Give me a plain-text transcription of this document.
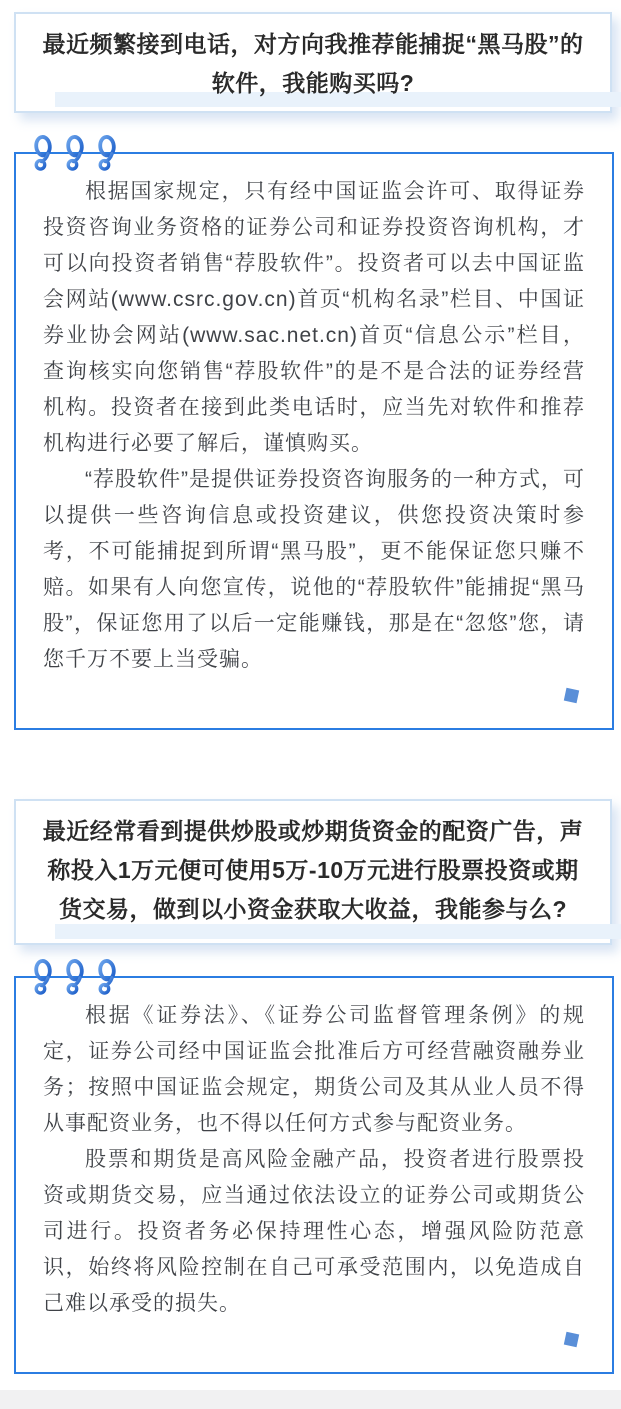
最近频繁接到电话，对方向我推荐能捕捉“黑马股”的软件，我能购买吗?

根据国家规定，只有经中国证监会许可、取得证券投资咨询业务资格的证券公司和证券投资咨询机构，才可以向投资者销售“荐股软件”。投资者可以去中国证监会网站(www.csrc.gov.cn)首页“机构名录”栏目、中国证券业协会网站(www.sac.net.cn)首页“信息公示”栏目，查询核实向您销售“荐股软件”的是不是合法的证券经营机构。投资者在接到此类电话时，应当先对软件和推荐机构进行必要了解后，谨慎购买。

“荐股软件”是提供证券投资咨询服务的一种方式，可以提供一些咨询信息或投资建议，供您投资决策时参考，不可能捕捉到所谓“黑马股”，更不能保证您只赚不赔。如果有人向您宣传，说他的“荐股软件”能捕捉“黑马股”，保证您用了以后一定能赚钱，那是在“忽悠”您，请您千万不要上当受骗。

最近经常看到提供炒股或炒期货资金的配资广告，声称投入1万元便可使用5万-10万元进行股票投资或期货交易，做到以小资金获取大收益，我能参与么?

根据《证券法》、《证券公司监督管理条例》的规定，证券公司经中国证监会批准后方可经营融资融券业务；按照中国证监会规定，期货公司及其从业人员不得从事配资业务，也不得以任何方式参与配资业务。

股票和期货是高风险金融产品，投资者进行股票投资或期货交易，应当通过依法设立的证券公司或期货公司进行。投资者务必保持理性心态，增强风险防范意识，始终将风险控制在自己可承受范围内，以免造成自己难以承受的损失。
